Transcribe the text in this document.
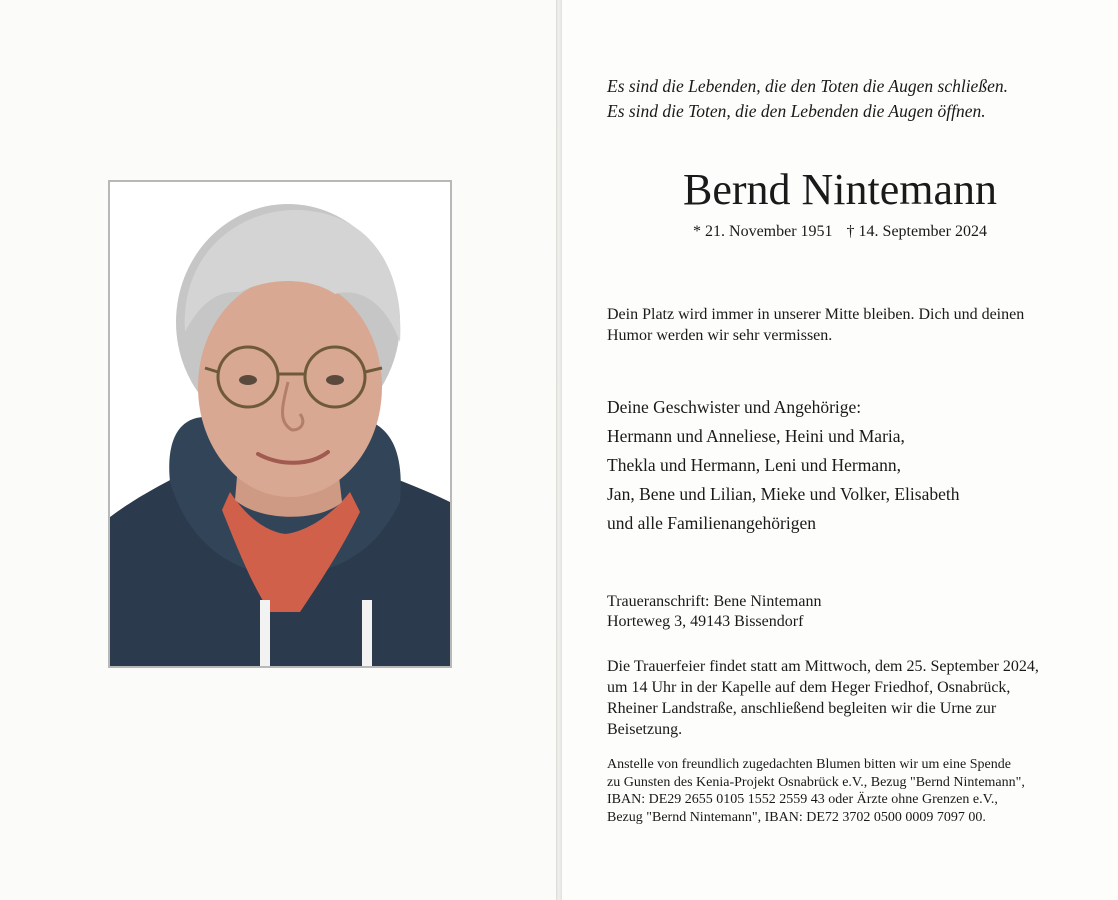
Es sind die Lebenden, die den Toten die Augen schließen.
Es sind die Toten, die den Lebenden die Augen öffnen.

Bernd Nintemann
* 21. November 1951 † 14. September 2024

Dein Platz wird immer in unserer Mitte bleiben. Dich und deinen
Humor werden wir sehr vermissen.

Deine Geschwister und Angehörige:
Hermann und Anneliese, Heini und Maria,
Thekla und Hermann, Leni und Hermann,
Jan, Bene und Lilian, Mieke und Volker, Elisabeth
und alle Familienangehörigen
Traueranschrift: Bene Nintemann
Horteweg 3, 49143 Bissendorf

Die Trauerfeier findet statt am Mittwoch, dem 25. September 2024,
um 14 Uhr in der Kapelle auf dem Heger Friedhof, Osnabrück,
Rheiner Landstraße, anschließend begleiten wir die Urne zur
Beisetzung.

Anstelle von freundlich zugedachten Blumen bitten wir um eine Spende
zu Gunsten des Kenia-Projekt Osnabrück e.V., Bezug "Bernd Nintemann",
IBAN: DE29 2655 0105 1552 2559 43 oder Ärzte ohne Grenzen e.V.,
Bezug "Bernd Nintemann", IBAN: DE72 3702 0500 0009 7097 00.
